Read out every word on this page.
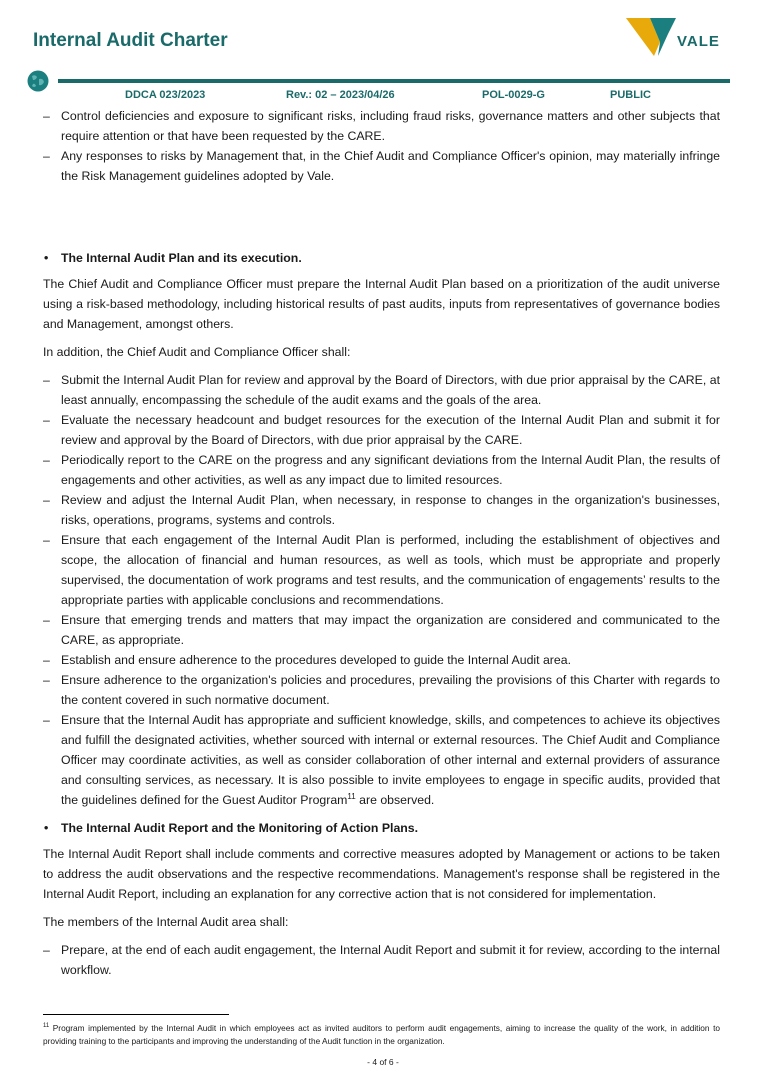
Internal Audit Charter	VALE
DDCA 023/2023	Rev.: 02 – 2023/04/26	POL-0029-G	PUBLIC
– Control deficiencies and exposure to significant risks, including fraud risks, governance matters and other subjects that require attention or that have been requested by the CARE.
– Any responses to risks by Management that, in the Chief Audit and Compliance Officer's opinion, may materially infringe the Risk Management guidelines adopted by Vale.
• The Internal Audit Plan and its execution.

The Chief Audit and Compliance Officer must prepare the Internal Audit Plan based on a prioritization of the audit universe using a risk-based methodology, including historical results of past audits, inputs from representatives of governance bodies and Management, amongst others.

In addition, the Chief Audit and Compliance Officer shall:

– Submit the Internal Audit Plan for review and approval by the Board of Directors, with due prior appraisal by the CARE, at least annually, encompassing the schedule of the audit exams and the goals of the area.
– Evaluate the necessary headcount and budget resources for the execution of the Internal Audit Plan and submit it for review and approval by the Board of Directors, with due prior appraisal by the CARE.
– Periodically report to the CARE on the progress and any significant deviations from the Internal Audit Plan, the results of engagements and other activities, as well as any impact due to limited resources.
– Review and adjust the Internal Audit Plan, when necessary, in response to changes in the organization's businesses, risks, operations, programs, systems and controls.
– Ensure that each engagement of the Internal Audit Plan is performed, including the establishment of objectives and scope, the allocation of financial and human resources, as well as tools, which must be appropriate and properly supervised, the documentation of work programs and test results, and the communication of engagements’ results to the appropriate parties with applicable conclusions and recommendations.
– Ensure that emerging trends and matters that may impact the organization are considered and communicated to the CARE, as appropriate.
– Establish and ensure adherence to the procedures developed to guide the Internal Audit area.
– Ensure adherence to the organization's policies and procedures, prevailing the provisions of this Charter with regards to the content covered in such normative document.
– Ensure that the Internal Audit has appropriate and sufficient knowledge, skills, and competences to achieve its objectives and fulfill the designated activities, whether sourced with internal or external resources. The Chief Audit and Compliance Officer may coordinate activities, as well as consider collaboration of other internal and external providers of assurance and consulting services, as necessary. It is also possible to invite employees to engage in specific audits, provided that the guidelines defined for the Guest Auditor Program$^{11}$ are observed.
• The Internal Audit Report and the Monitoring of Action Plans.

The Internal Audit Report shall include comments and corrective measures adopted by Management or actions to be taken to address the audit observations and the respective recommendations. Management's response shall be registered in the Internal Audit Report, including an explanation for any corrective action that is not considered for implementation.

The members of the Internal Audit area shall:

– Prepare, at the end of each audit engagement, the Internal Audit Report and submit it for review, according to the internal workflow.
$^{11}$ Program implemented by the Internal Audit in which employees act as invited auditors to perform audit engagements, aiming to increase the quality of the work, in addition to providing training to the participants and improving the understanding of the Audit function in the organization.
- 4 of 6 -
